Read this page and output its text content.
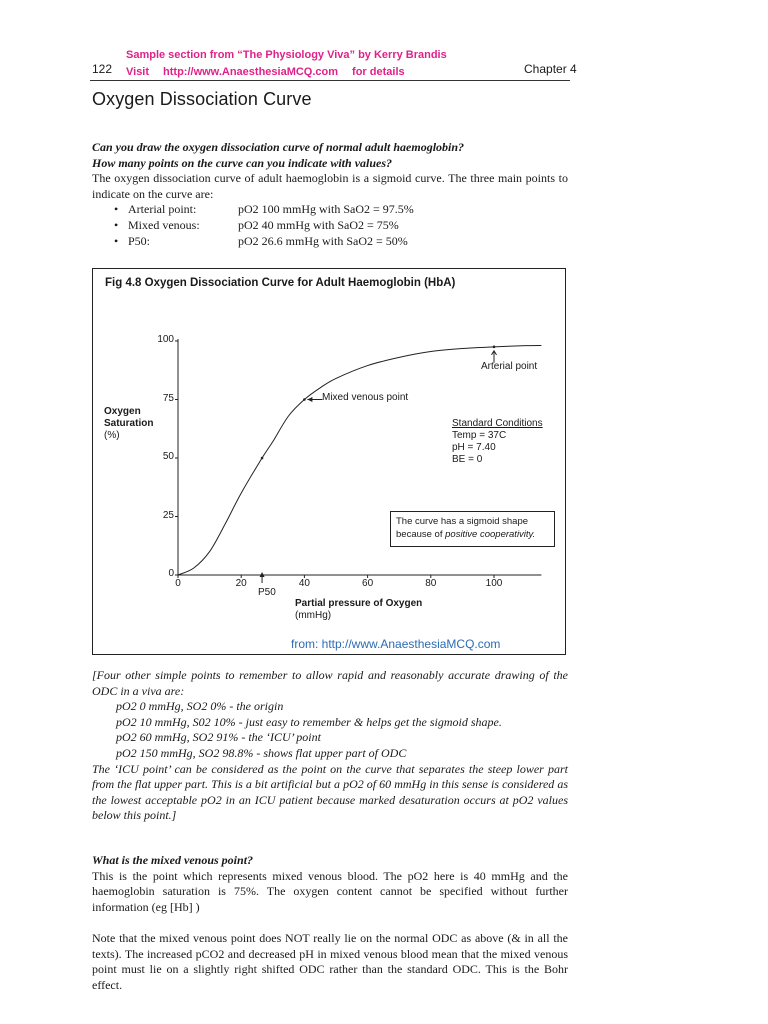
122
Sample section from “The Physiology Viva” by Kerry Brandis
Visit http://www.AnaesthesiaMCQ.com for details	Chapter 4
Oxygen Dissociation Curve

Can you draw the oxygen dissociation curve of normal adult haemoglobin?

How many points on the curve can you indicate with values?

The oxygen dissociation curve of adult haemoglobin is a sigmoid curve. The three main points to indicate on the curve are:

• Arterial point:	pO2 100 mmHg with SaO2 = 97.5%
• Mixed venous:	pO2 40 mmHg with SaO2 = 75%
• P50:	pO2 26.6 mmHg with SaO2 = 50%
Fig 4.8 Oxygen Dissociation Curve for Adult Haemoglobin (HbA)
0
25
50
75
100
0	20	40	60	80	100
Oxygen
Saturation
(%)
Partial pressure of Oxygen
(mmHg)
Arterial point
Mixed venous point
P50
Standard Conditions
Temp = 37C
pH = 7.40
BE = 0
The curve has a sigmoid shape
because of positive cooperativity.
from: http://www.AnaesthesiaMCQ.com

[Four other simple points to remember to allow rapid and reasonably accurate drawing of the ODC in a viva are:

pO2 0 mmHg, SO2 0% - the origin

pO2 10 mmHg, S02 10% - just easy to remember & helps get the sigmoid shape.

pO2 60 mmHg, SO2 91% - the ‘ICU’ point

pO2 150 mmHg, SO2 98.8% - shows flat upper part of ODC

The ‘ICU point’ can be considered as the point on the curve that separates the steep lower part from the flat upper part. This is a bit artificial but a pO2 of 60 mmHg in this sense is considered as the lowest acceptable pO2 in an ICU patient because marked desaturation occurs at pO2 values below this point.]

What is the mixed venous point?

This is the point which represents mixed venous blood. The pO2 here is 40 mmHg and the haemoglobin saturation is 75%. The oxygen content cannot be specified without further information (eg [Hb] )

Note that the mixed venous point does NOT really lie on the normal ODC as above (& in all the texts). The increased pCO2 and decreased pH in mixed venous blood mean that the mixed venous point must lie on a slightly right shifted ODC rather than the standard ODC. This is the Bohr effect.
